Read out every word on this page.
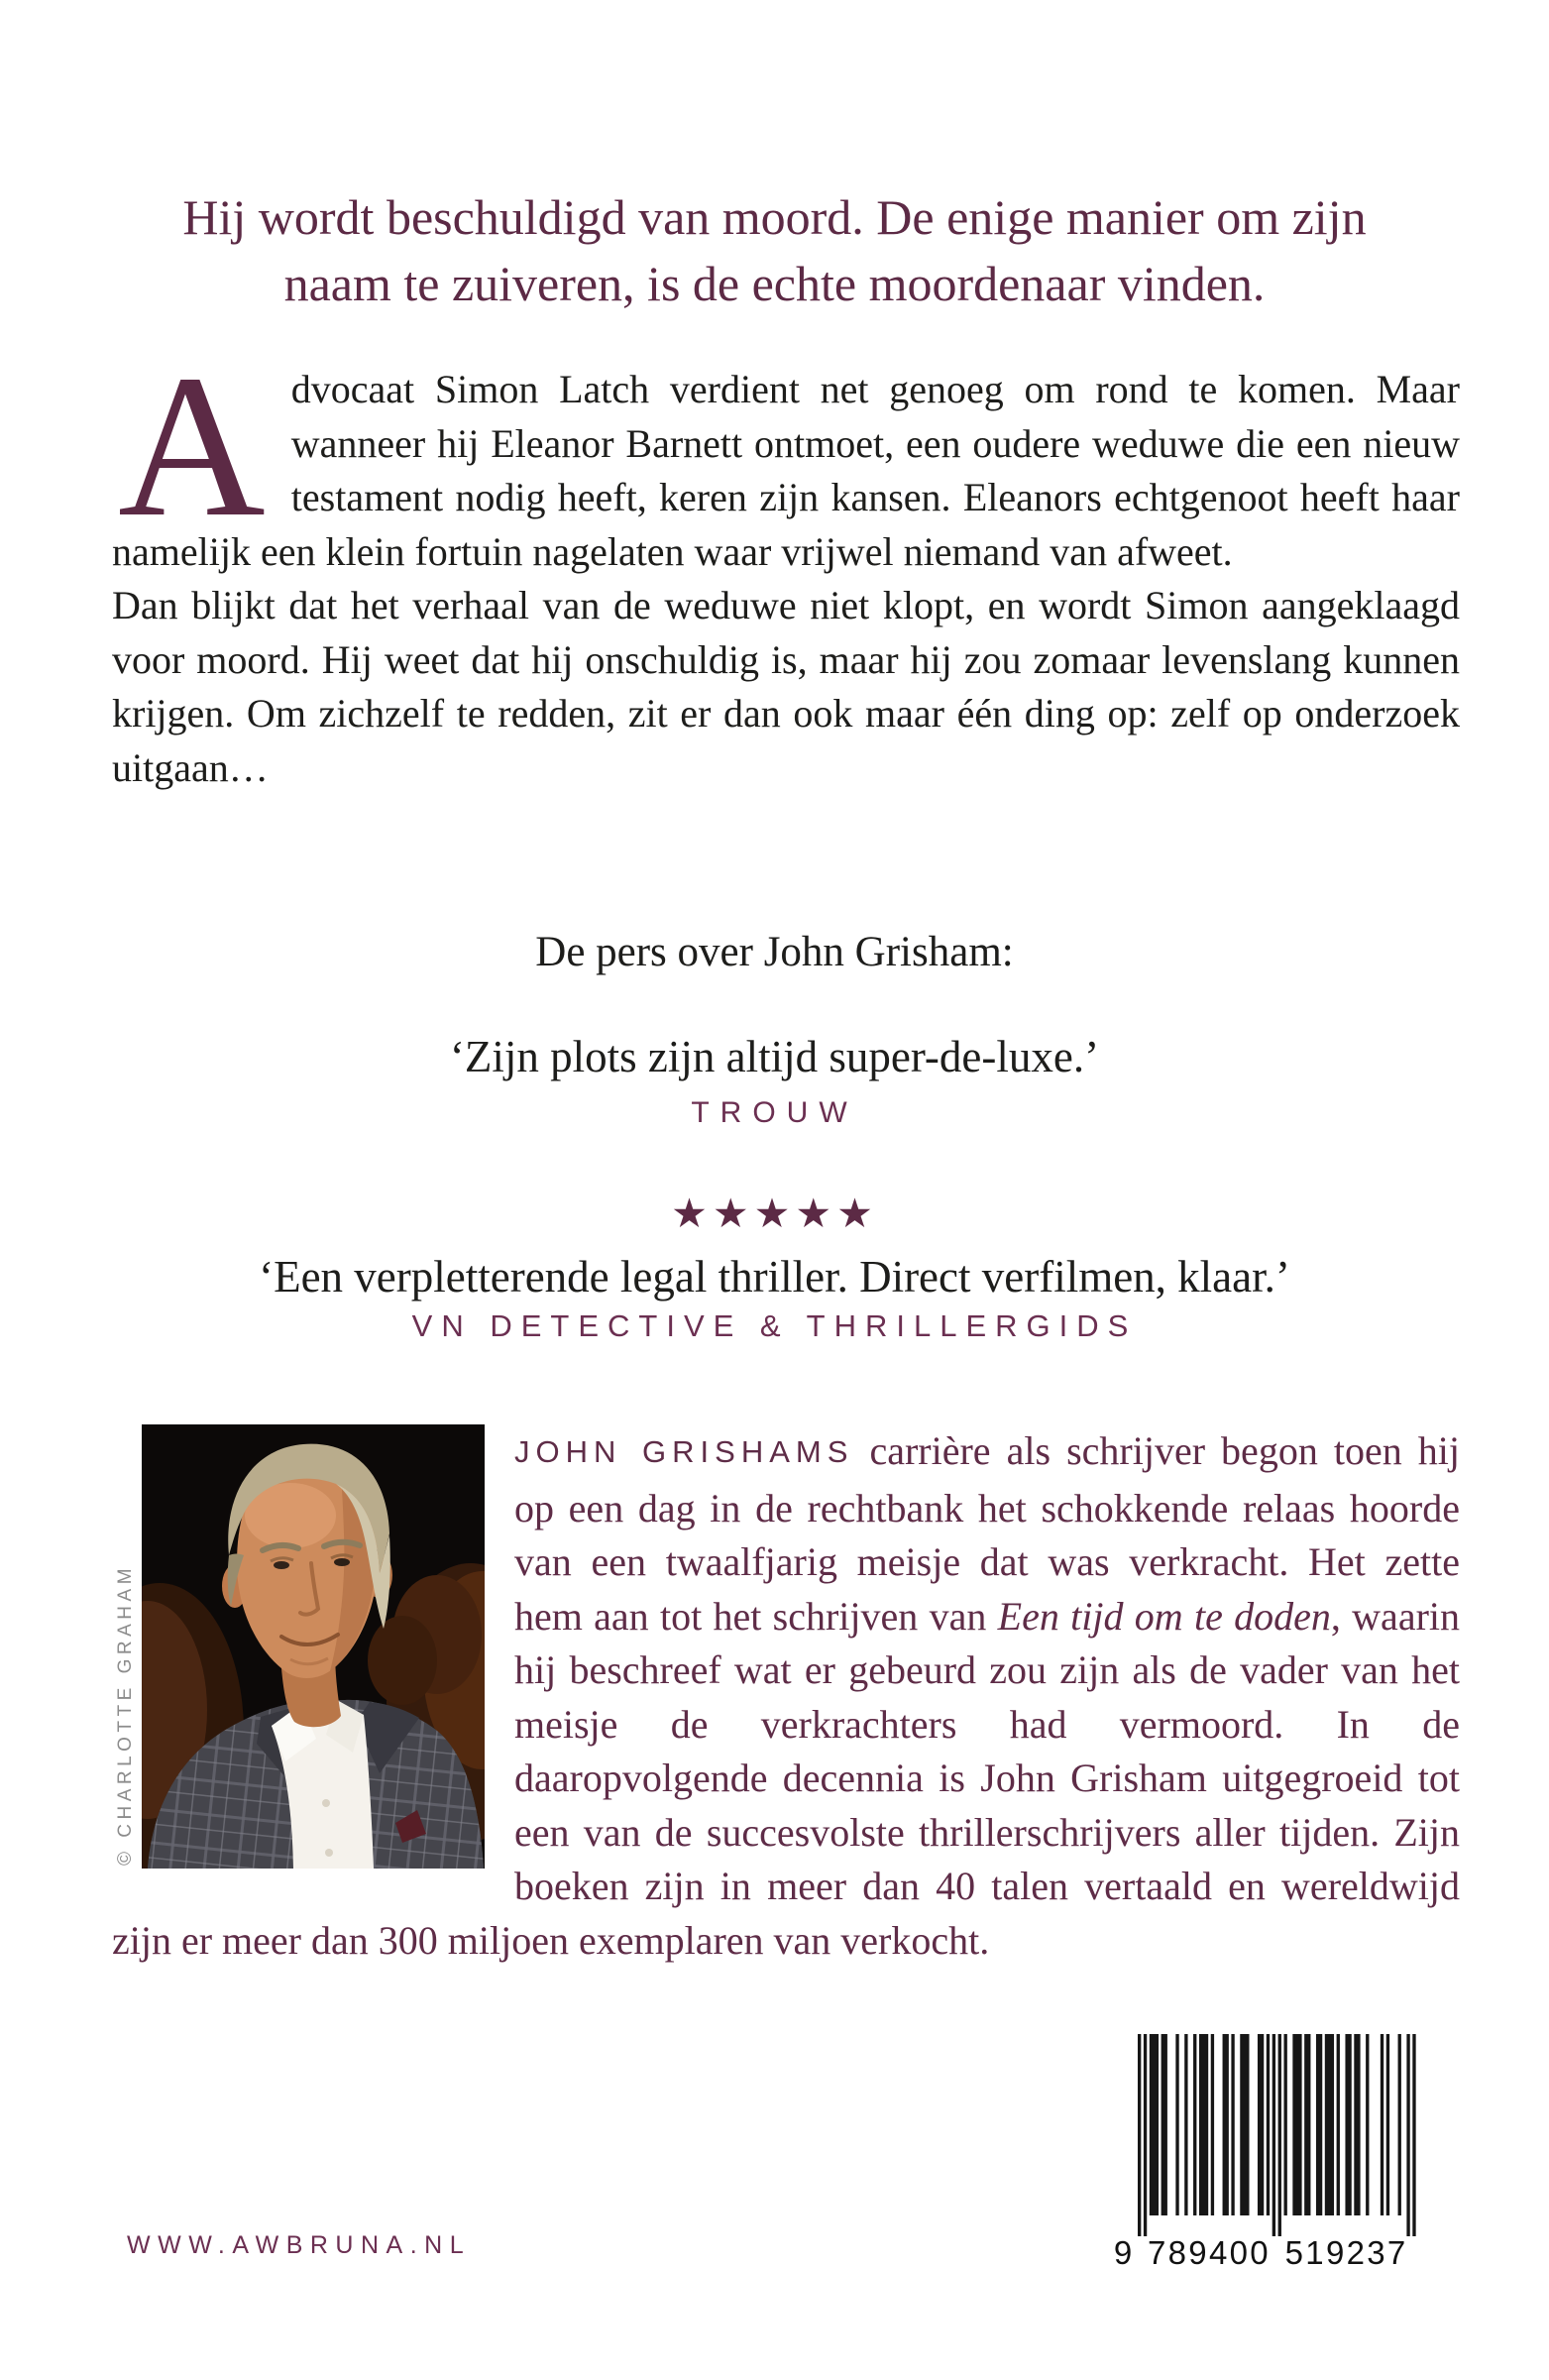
Hij wordt beschuldigd van moord. De enige manier om zijn naam te zuiveren, is de echte moordenaar vinden.

Advocaat Simon Latch verdient net genoeg om rond te komen. Maar wanneer hij Eleanor Barnett ontmoet, een oudere weduwe die een nieuw testament nodig heeft, keren zijn kansen. Eleanors echtgenoot heeft haar namelijk een klein fortuin nagelaten waar vrijwel niemand van afweet.

Dan blijkt dat het verhaal van de weduwe niet klopt, en wordt Simon aangeklaagd voor moord. Hij weet dat hij onschuldig is, maar hij zou zomaar levenslang kunnen krijgen. Om zichzelf te redden, zit er dan ook maar één ding op: zelf op onderzoek uitgaan…

De pers over John Grisham:
‘Zijn plots zijn altijd super-de-luxe.’
TROUW
★★★★★
‘Een verpletterende legal thriller. Direct verfilmen, klaar.’
VN DETECTIVE & THRILLERGIDS

JOHN GRISHAMS carrière als schrijver begon toen hij op een dag in de rechtbank het schokkende relaas hoorde van een twaalfjarig meisje dat was verkracht. Het zette hem aan tot het schrijven van Een tijd om te doden, waarin hij beschreef wat er gebeurd zou zijn als de vader van het meisje de verkrachters had vermoord. In de daaropvolgende decennia is John Grisham uitgegroeid tot een van de succesvolste thrillerschrijvers aller tijden. Zijn boeken zijn in meer dan 40 talen vertaald en wereldwijd zijn er meer dan 300 miljoen exemplaren van verkocht.

© CHARLOTTE GRAHAM
WWW.AWBRUNA.NL	9 7 8 9 4 0 0 5 1 9 2 3 7
